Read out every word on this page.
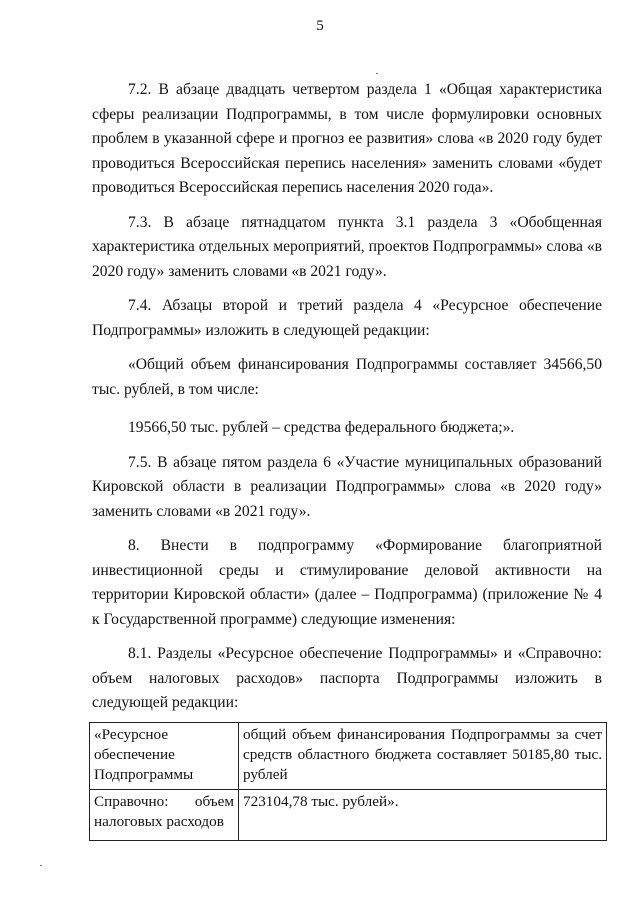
5

7.2. В абзаце двадцать четвертом раздела 1 «Общая характеристика сферы реализации Подпрограммы, в том числе формулировки основных проблем в указанной сфере и прогноз ее развития» слова «в 2020 году будет проводиться Всероссийская перепись населения» заменить словами «будет проводиться Всероссийская перепись населения 2020 года».

7.3. В абзаце пятнадцатом пункта 3.1 раздела 3 «Обобщенная характеристика отдельных мероприятий, проектов Подпрограммы» слова «в 2020 году» заменить словами «в 2021 году».

7.4. Абзацы второй и третий раздела 4 «Ресурсное обеспечение Подпрограммы» изложить в следующей редакции:

«Общий объем финансирования Подпрограммы составляет 34566,50 тыс. рублей, в том числе:

19566,50 тыс. рублей – средства федерального бюджета;».

7.5. В абзаце пятом раздела 6 «Участие муниципальных образований Кировской области в реализации Подпрограммы» слова «в 2020 году» заменить словами «в 2021 году».

8. Внести в подпрограмму «Формирование благоприятной инвестиционной среды и стимулирование деловой активности на территории Кировской области» (далее – Подпрограмма) (приложение № 4 к Государственной программе) следующие изменения:

8.1. Разделы «Ресурсное обеспечение Подпрограммы» и «Справочно: объем налоговых расходов» паспорта Подпрограммы изложить в следующей редакции:

«Ресурсное обеспечение Подпрограммы	общий объем финансирования Подпрограммы за счет средств областного бюджета составляет 50185,80 тыс. рублей
Справочно: объем налоговых расходов	723104,78 тыс. рублей».
